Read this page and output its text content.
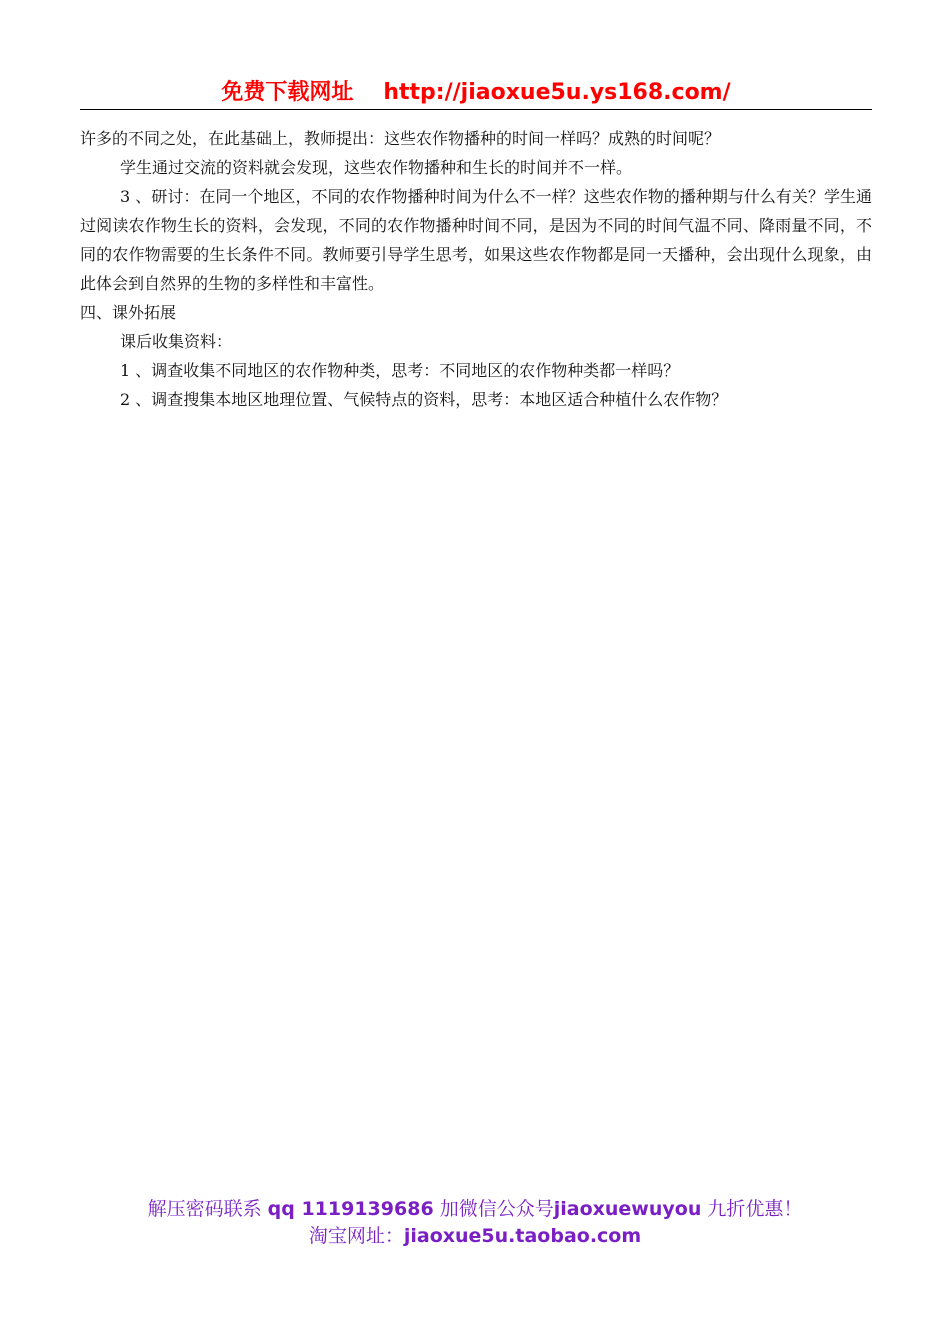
免费下载网址 http://jiaoxue5u.ys168.com/

许多的不同之处，在此基础上，教师提出：这些农作物播种的时间一样吗？成熟的时间呢？

学生通过交流的资料就会发现，这些农作物播种和生长的时间并不一样。

3 、研讨：在同一个地区，不同的农作物播种时间为什么不一样？这些农作物的播种期与什么有关？学生通过阅读农作物生长的资料，会发现，不同的农作物播种时间不同，是因为不同的时间气温不同、降雨量不同，不同的农作物需要的生长条件不同。教师要引导学生思考，如果这些农作物都是同一天播种，会出现什么现象，由此体会到自然界的生物的多样性和丰富性。

四、课外拓展

课后收集资料：

1 、调查收集不同地区的农作物种类，思考：不同地区的农作物种类都一样吗？

2 、调查搜集本地区地理位置、气候特点的资料，思考：本地区适合种植什么农作物？

解压密码联系 qq 1119139686 加微信公众号jiaoxuewuyou 九折优惠！
淘宝网址：jiaoxue5u.taobao.com
